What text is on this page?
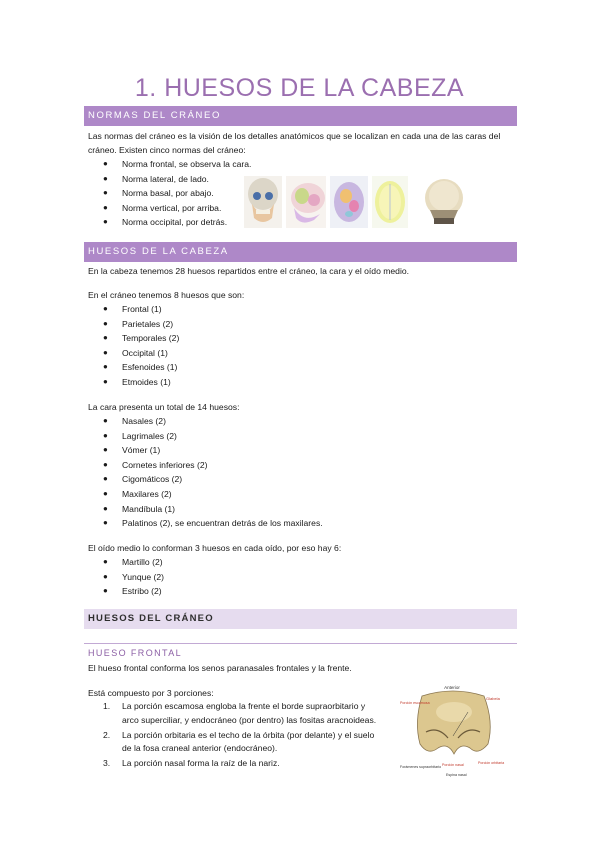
1. HUESOS DE LA CABEZA
NORMAS DEL CRÁNEO
Las normas del cráneo es la visión de los detalles anatómicos que se localizan en cada una de las caras del
cráneo. Existen cinco normas del cráneo:
● Norma frontal, se observa la cara.
● Norma lateral, de lado.
● Norma basal, por abajo.
● Norma vertical, por arriba.
● Norma occipital, por detrás.
HUESOS DE LA CABEZA
En la cabeza tenemos 28 huesos repartidos entre el cráneo, la cara y el oído medio.
En el cráneo tenemos 8 huesos que son:
● Frontal (1)
● Parietales (2)
● Temporales (2)
● Occipital (1)
● Esfenoides (1)
● Etmoides (1)
La cara presenta un total de 14 huesos:
● Nasales (2)
● Lagrimales (2)
● Vómer (1)
● Cornetes inferiores (2)
● Cigomáticos (2)
● Maxilares (2)
● Mandíbula (1)
● Palatinos (2), se encuentran detrás de los maxilares.
El oído medio lo conforman 3 huesos en cada oído, por eso hay 6:
● Martillo (2)
● Yunque (2)
● Estribo (2)
HUESOS DEL CRÁNEO
HUESO FRONTAL
El hueso frontal conforma los senos paranasales frontales y la frente.
Está compuesto por 3 porciones:
1. La porción escamosa engloba la frente el borde supraorbitario y
arco superciliar, y endocráneo (por dentro) las fositas aracnoideas.
2. La porción orbitaria es el techo de la órbita (por delante) y el suelo
de la fosa craneal anterior (endocráneo).
3. La porción nasal forma la raíz de la nariz.
Anterior
Glabela
Porción escamosa
Porción nasal	Porción orbitaria
Forámenes supraorbitario
Espina nasal
